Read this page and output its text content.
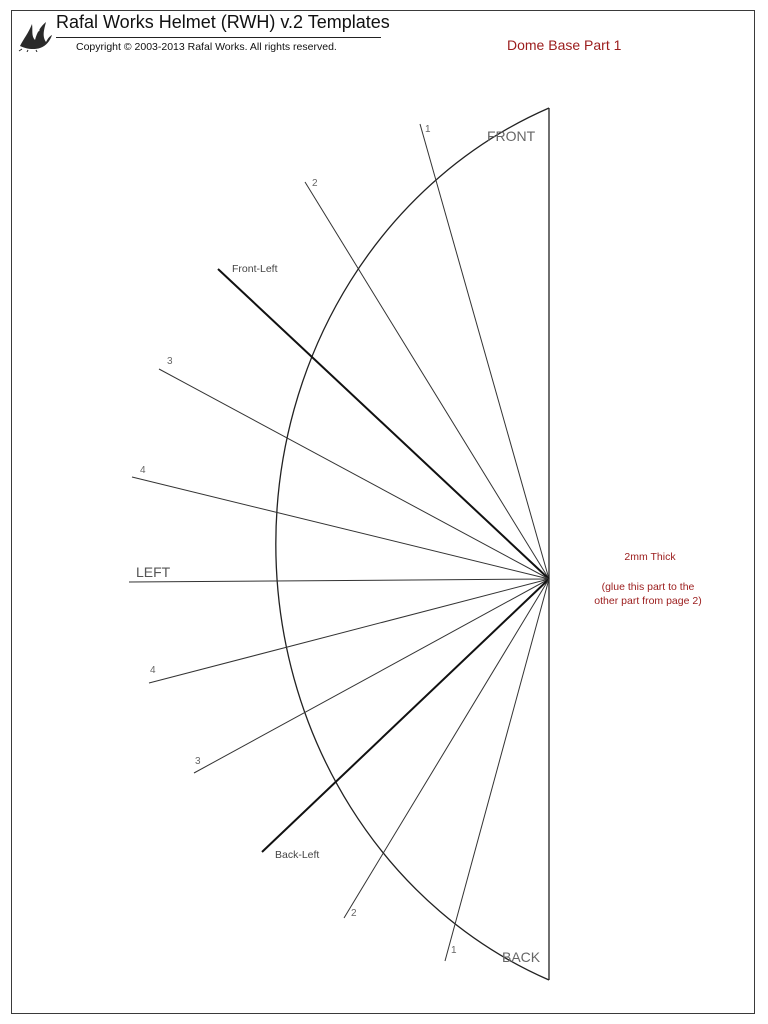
Rafal Works Helmet (RWH) v.2 Templates
Copyright © 2003-2013 Rafal Works. All rights reserved.	Dome Base Part 1
FRONT
LEFT
BACK
Front-Left
Back-Left
1
2
3
4
4
3
2
1
2mm Thick
(glue this part to the
other part from page 2)
